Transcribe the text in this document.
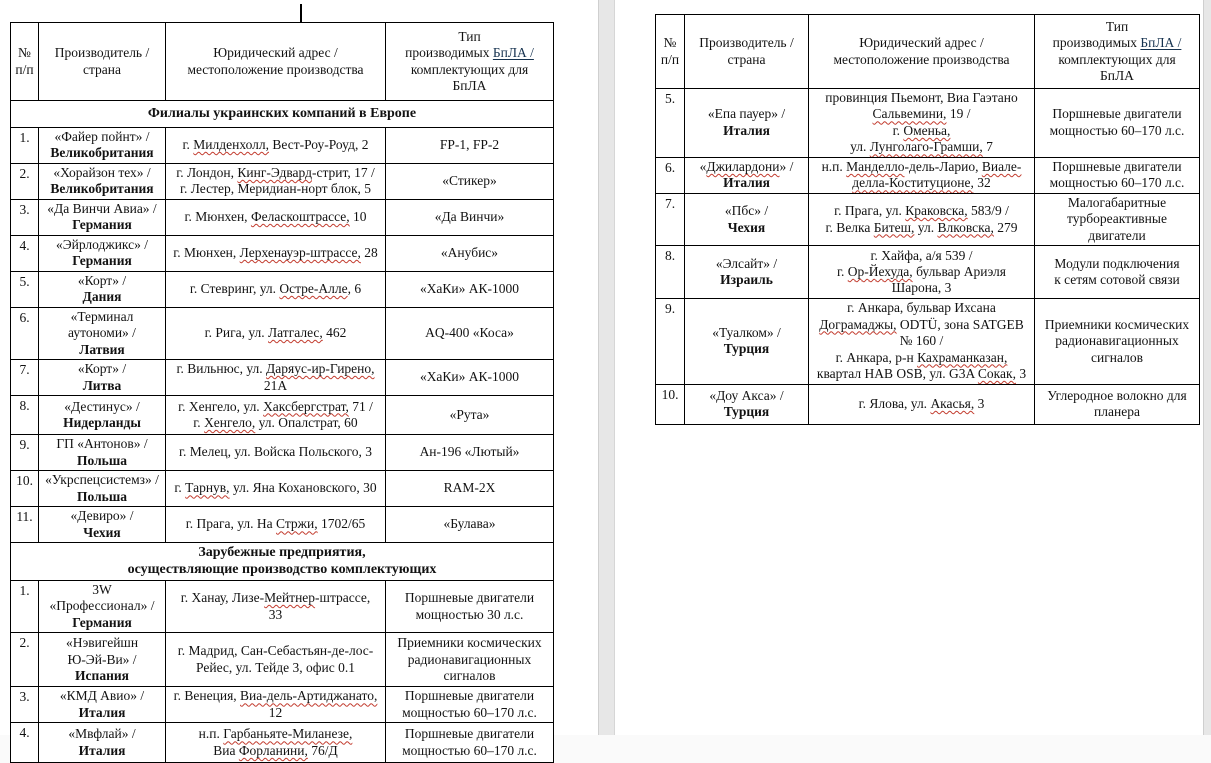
№
п/п	Производитель /
страна	Юридический адрес /
местоположение производства	Тип
производимых БпЛА /
комплектующих для
БпЛА
Филиалы украинских компаний в Европе			
1.	«Файер пойнт» /
Великобритания	г. Милденхолл, Вест-Роу-Роуд, 2	FP-1, FP-2
2.	«Хорайзон тех» /
Великобритания	г. Лондон, Кинг-Эдвард-стрит, 17 /
г. Лестер, Меридиан-норт блок, 5	«Стикер»
3.	«Да Винчи Авиа» /
Германия	г. Мюнхен, Феласкоштрассе, 10	«Да Винчи»
4.	«Эйрлоджикс» /
Германия	г. Мюнхен, Лерхенауэр-штрассе, 28	«Анубис»
5.	«Корт» /
Дания	г. Стевринг, ул. Остре-Алле, 6	«ХаКи» АК-1000
6.	«Терминал
аутономи» /
Латвия	г. Рига, ул. Латгалес, 462	AQ-400 «Коса»
7.	«Корт» /
Литва	г. Вильнюс, ул. Даряус-ир-Гирено,
21А	«ХаКи» АК-1000
8.	«Дестинус» /
Нидерланды	г. Хенгело, ул. Хаксбергстрат, 71 /
г. Хенгело, ул. Опалстрат, 60	«Рута»
9.	ГП «Антонов» /
Польша	г. Мелец, ул. Войска Польского, 3	Ан-196 «Лютый»
10.	«Укрспецсистемз» /
Польша	г. Тарнув, ул. Яна Кохановского, 30	RAM-2X
11.	«Девиро» /
Чехия	г. Прага, ул. На Стржи, 1702/65	«Булава»
Зарубежные предприятия,
осуществляющие производство комплектующих			
1.	3W
«Профессионал» /
Германия	г. Ханау, Лизе-Мейтнер-штрассе,
33	Поршневые двигатели
мощностью 30 л.с.
2.	«Нэвигейшн
Ю-Эй-Ви» /
Испания	г. Мадрид, Сан-Себастьян-де-лос-
Рейес, ул. Тейде 3, офис 0.1	Приемники космических
радионавигационных
сигналов
3.	«КМД Авио» /
Италия	г. Венеция, Виа-дель-Артиджанато,
12	Поршневые двигатели
мощностью 60–170 л.с.
4.	«Мвфлай» /
Италия	н.п. Гарбаньяте-Миланезе,
Виа Форланини, 76/Д	Поршневые двигатели
мощностью 60–170 л.с.
№
п/п	Производитель /
страна	Юридический адрес /
местоположение производства	Тип
производимых БпЛА /
комплектующих для
БпЛА
5.	«Епа пауер» /
Италия	провинция Пьемонт, Виа Гаэтано
Сальвемини, 19 /
г. Оменьа,
ул. Лунголаго-Грамши, 7	Поршневые двигатели
мощностью 60–170 л.с.
6.	«Джилардони» /
Италия	н.п. Манделло-дель-Ларио, Виале-
делла-Коституционе, 32	Поршневые двигатели
мощностью 60–170 л.с.
7.	«Пбс» /
Чехия	г. Прага, ул. Краковска, 583/9 /
г. Велка Битеш, ул. Влковска, 279	Малогабаритные
турбореактивные
двигатели
8.	«Элсайт» /
Израиль	г. Хайфа, а/я 539 /
г. Ор-Йехуда, бульвар Ариэля
Шарона, 3	Модули подключения
к сетям сотовой связи
9.	«Туалком» /
Турция	г. Анкара, бульвар Ихсана
Дограмаджы, ODTÜ, зона SATGEB
№ 160 /
г. Анкара, р-н Кахраманказан,
квартал HAB OSB, ул. G3A Сокак, 3	Приемники космических
радионавигационных
сигналов
10.	«Доу Акса» /
Турция	г. Ялова, ул. Акасья, 3	Углеродное волокно для
планера
